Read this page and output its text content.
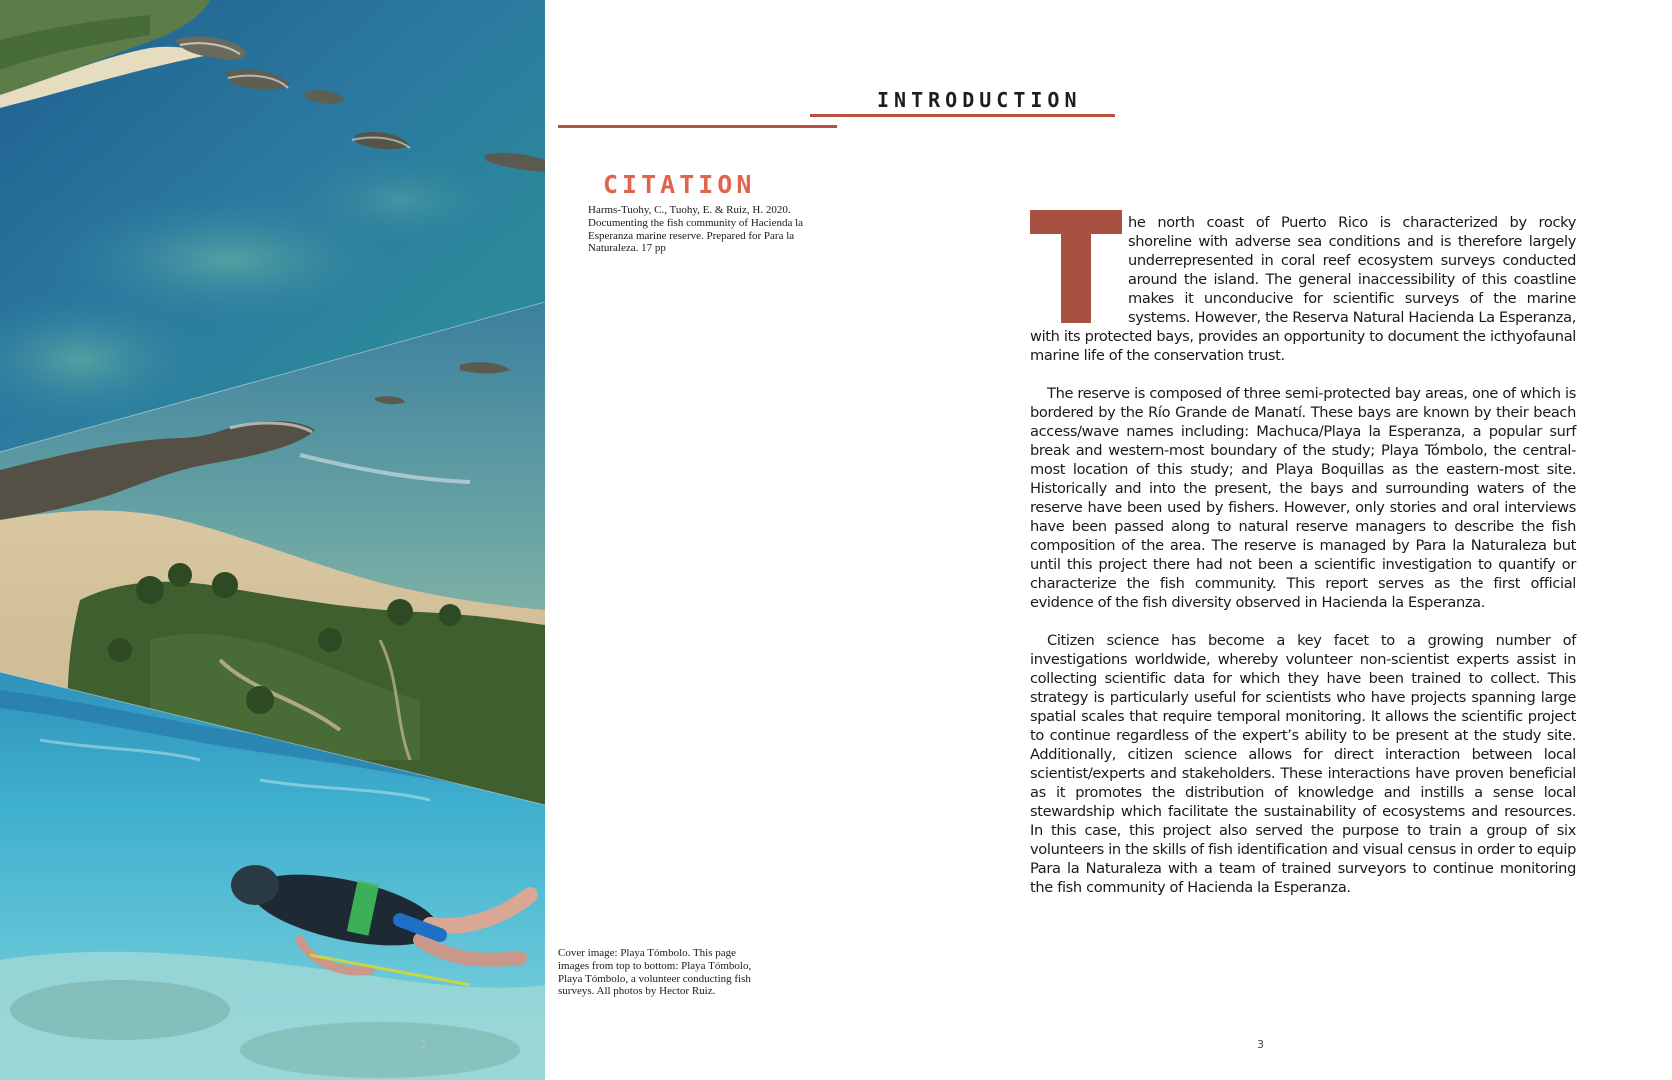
2
INTRODUCTION
CITATION
Harms-Tuohy, C., Tuohy, E. & Ruiz, H. 2020. Documenting the fish community of Hacienda la Esperanza marine reserve. Prepared for Para la Naturaleza. 17 pp

he north coast of Puerto Rico is characterized by rocky shoreline with adverse sea conditions and is therefore largely underrepresented in coral reef ecosystem surveys conducted around the island. The general inaccessibility of this coastline makes it unconducive for scientific surveys of the marine systems. However, the Reserva Natural Hacienda La Esperanza, with its protected bays, provides an opportunity to document the icthyofaunal marine life of the conservation trust.

The reserve is composed of three semi-protected bay areas, one of which is bordered by the Río Grande de Manatí. These bays are known by their beach access/wave names including: Machuca/Playa la Esperanza, a popular surf break and western-most boundary of the study; Playa Tómbolo, the central-most location of this study; and Playa Boquillas as the eastern-most site. Historically and into the present, the bays and surrounding waters of the reserve have been used by fishers. However, only stories and oral interviews have been passed along to natural reserve managers to describe the fish composition of the area. The reserve is managed by Para la Naturaleza but until this project there had not been a scientific investigation to quantify or characterize the fish community. This report serves as the first official evidence of the fish diversity observed in Hacienda la Esperanza.

Citizen science has become a key facet to a growing number of investigations worldwide, whereby volunteer non-scientist experts assist in collecting scientific data for which they have been trained to collect. This strategy is particularly useful for scientists who have projects spanning large spatial scales that require temporal monitoring. It allows the scientific project to continue regardless of the expert’s ability to be present at the study site. Additionally, citizen science allows for direct interaction between local scientist/experts and stakeholders. These interactions have proven beneficial as it promotes the distribution of knowledge and instills a sense local stewardship which facilitate the sustainability of ecosystems and resources. In this case, this project also served the purpose to train a group of six volunteers in the skills of fish identification and visual census in order to equip Para la Naturaleza with a team of trained surveyors to continue monitoring the fish community of Hacienda la Esperanza.

Cover image: Playa Tómbolo. This page images from top to bottom: Playa Tómbolo, Playa Tómbolo, a volunteer conducting fish surveys. All photos by Hector Ruiz.
3
